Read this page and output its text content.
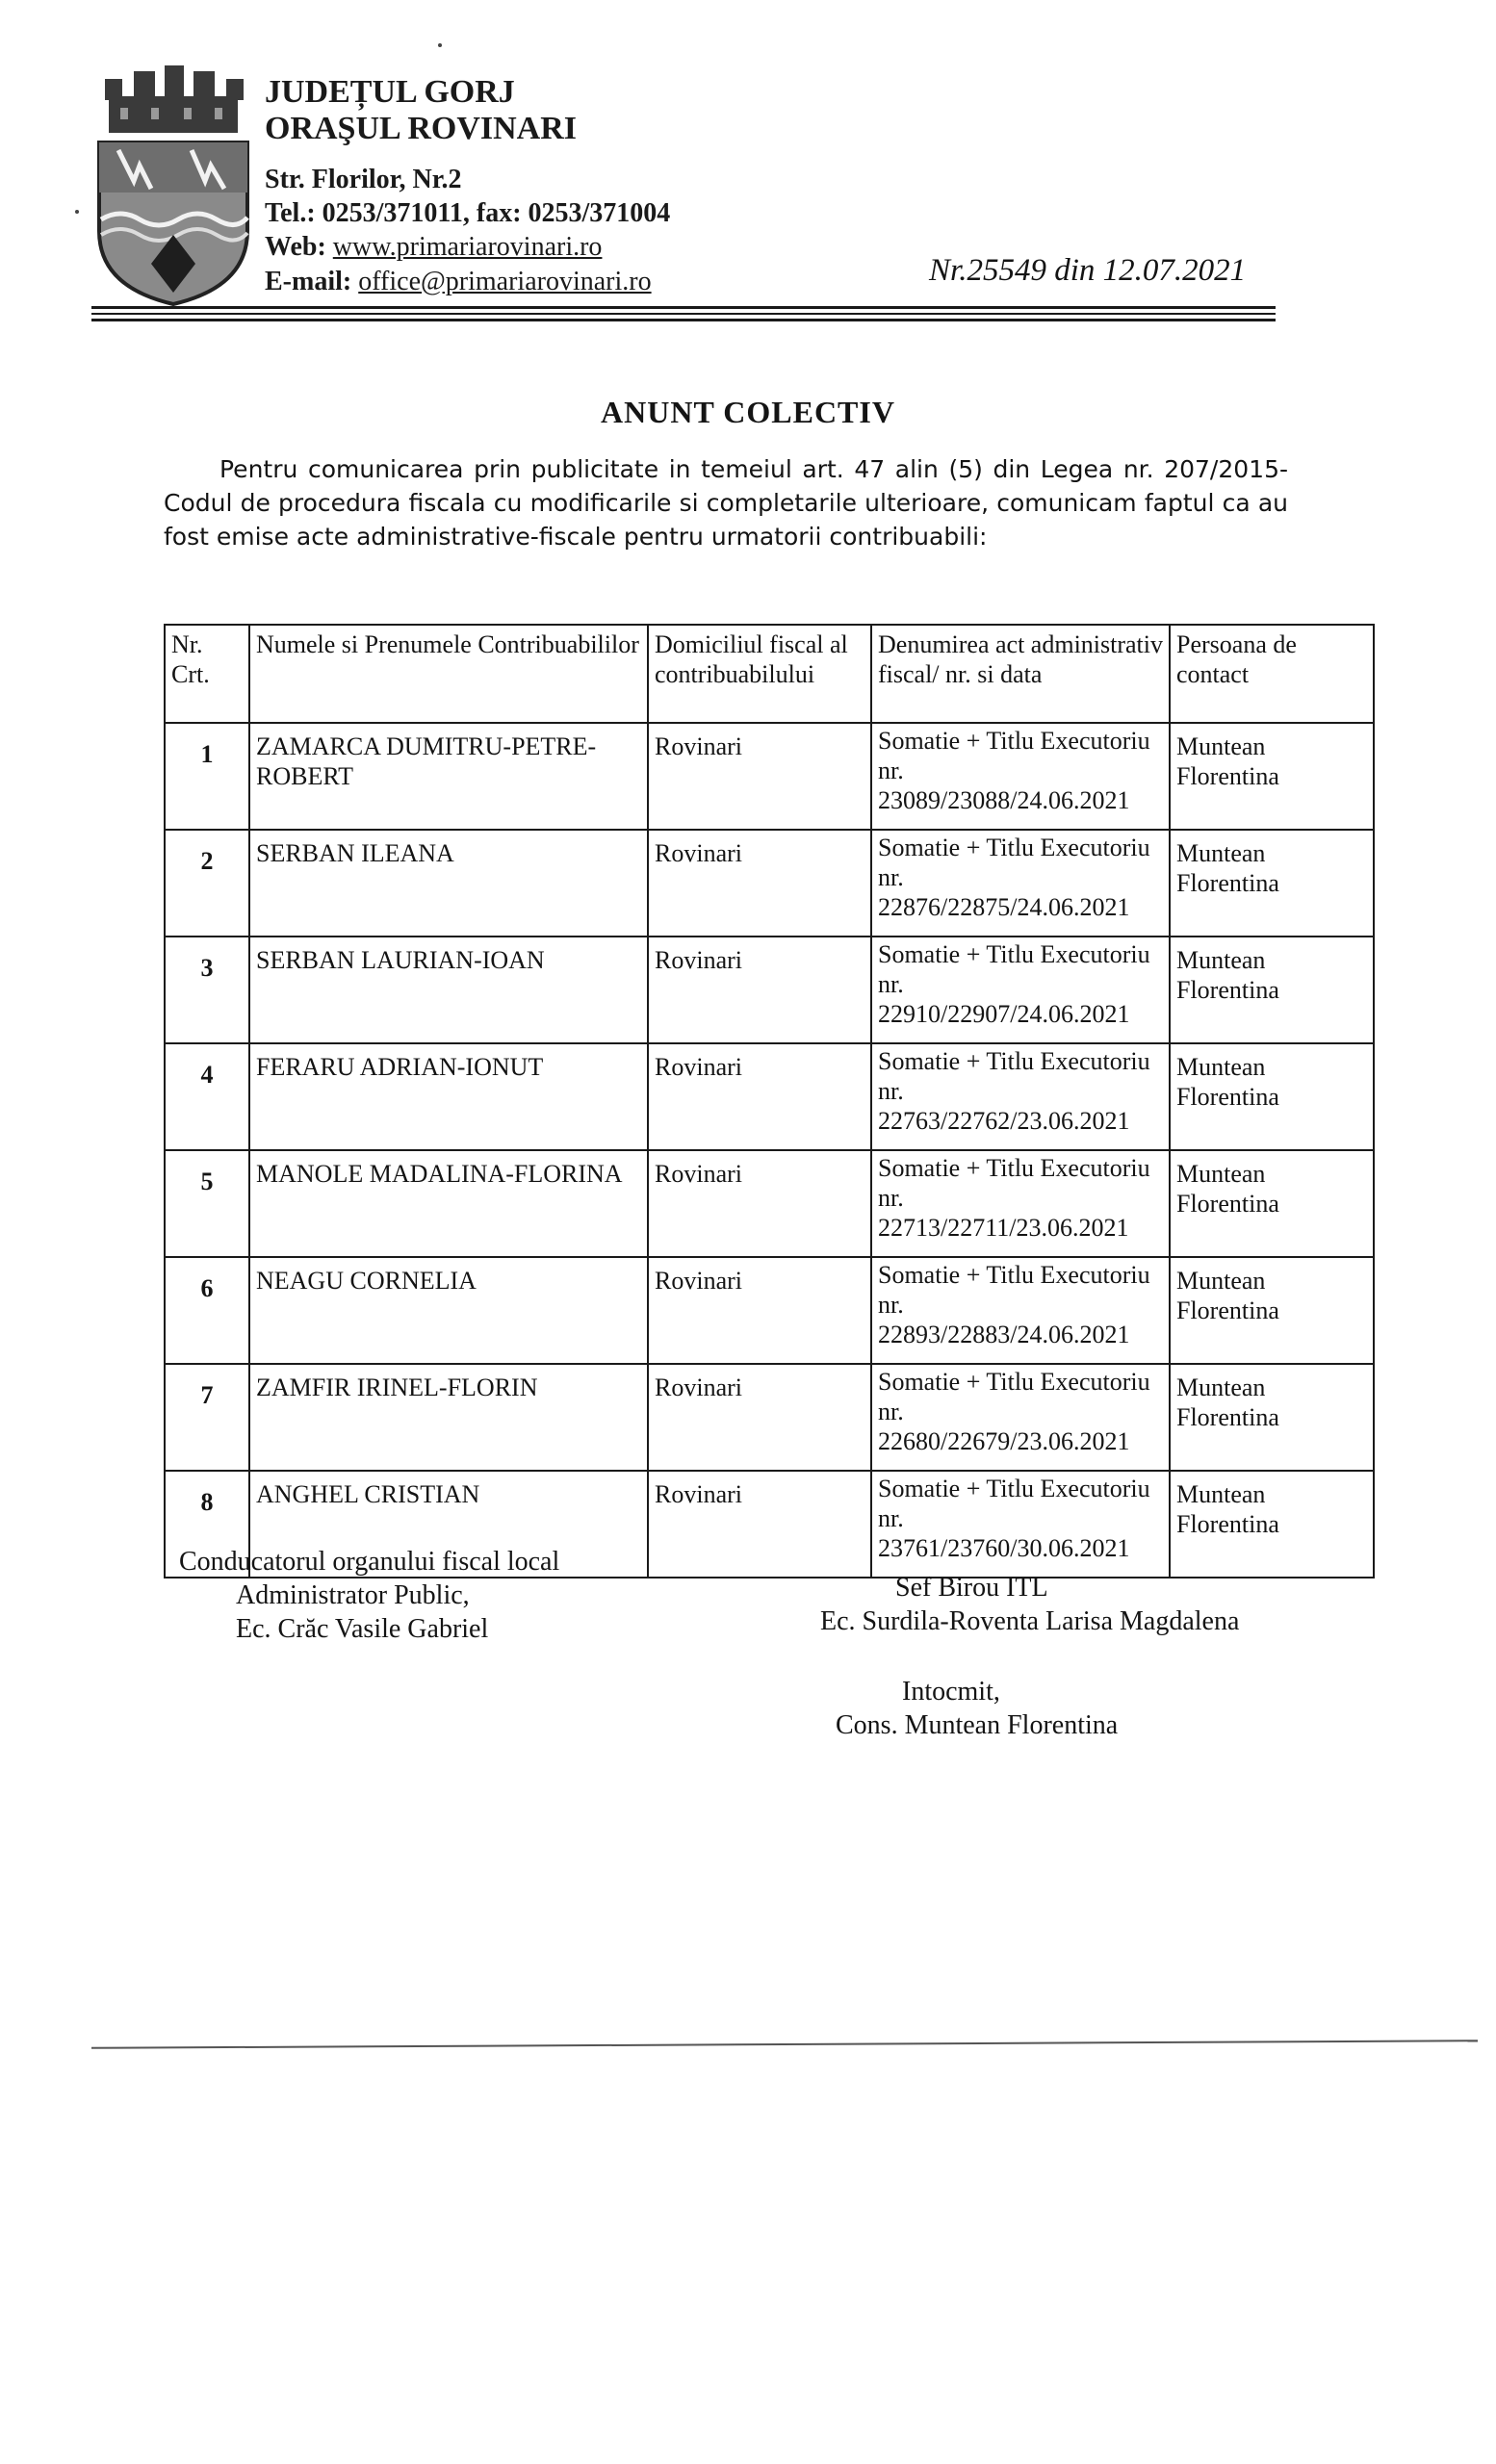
JUDEȚUL GORJ
ORAŞUL ROVINARI
Str. Florilor, Nr.2
Tel.: 0253/371011, fax: 0253/371004
Web: www.primariarovinari.ro
E-mail: office@primariarovinari.ro	Nr.25549 din 12.07.2021
ANUNT COLECTIV

Pentru comunicarea prin publicitate in temeiul art. 47 alin (5) din Legea nr. 207/2015-Codul de procedura fiscala cu modificarile si completarile ulterioare, comunicam faptul ca au fost emise acte administrative-fiscale pentru urmatorii contribuabili:

Nr. Crt.	Numele si Prenumele Contribuabililor	Domiciliul fiscal al contribuabilului	Denumirea act administrativ fiscal/ nr. si data	Persoana de contact
1	ZAMARCA DUMITRU-PETRE-ROBERT	Rovinari	Somatie + Titlu Executoriu nr.
23089/23088/24.06.2021	Muntean Florentina
2	SERBAN ILEANA	Rovinari	Somatie + Titlu Executoriu nr.
22876/22875/24.06.2021	Muntean Florentina
3	SERBAN LAURIAN-IOAN	Rovinari	Somatie + Titlu Executoriu nr.
22910/22907/24.06.2021	Muntean Florentina
4	FERARU ADRIAN-IONUT	Rovinari	Somatie + Titlu Executoriu nr.
22763/22762/23.06.2021	Muntean Florentina
5	MANOLE MADALINA-FLORINA	Rovinari	Somatie + Titlu Executoriu nr.
22713/22711/23.06.2021	Muntean Florentina
6	NEAGU CORNELIA	Rovinari	Somatie + Titlu Executoriu nr.
22893/22883/24.06.2021	Muntean Florentina
7	ZAMFIR IRINEL-FLORIN	Rovinari	Somatie + Titlu Executoriu nr.
22680/22679/23.06.2021	Muntean Florentina
8	ANGHEL CRISTIAN	Rovinari	Somatie + Titlu Executoriu nr.
23761/23760/30.06.2021	Muntean Florentina
Conducatorul organului fiscal local
Administrator Public,
Ec. Crăc Vasile Gabriel
Sef Birou ITL
Ec. Surdila-Roventa Larisa Magdalena
Intocmit,
Cons. Muntean Florentina
